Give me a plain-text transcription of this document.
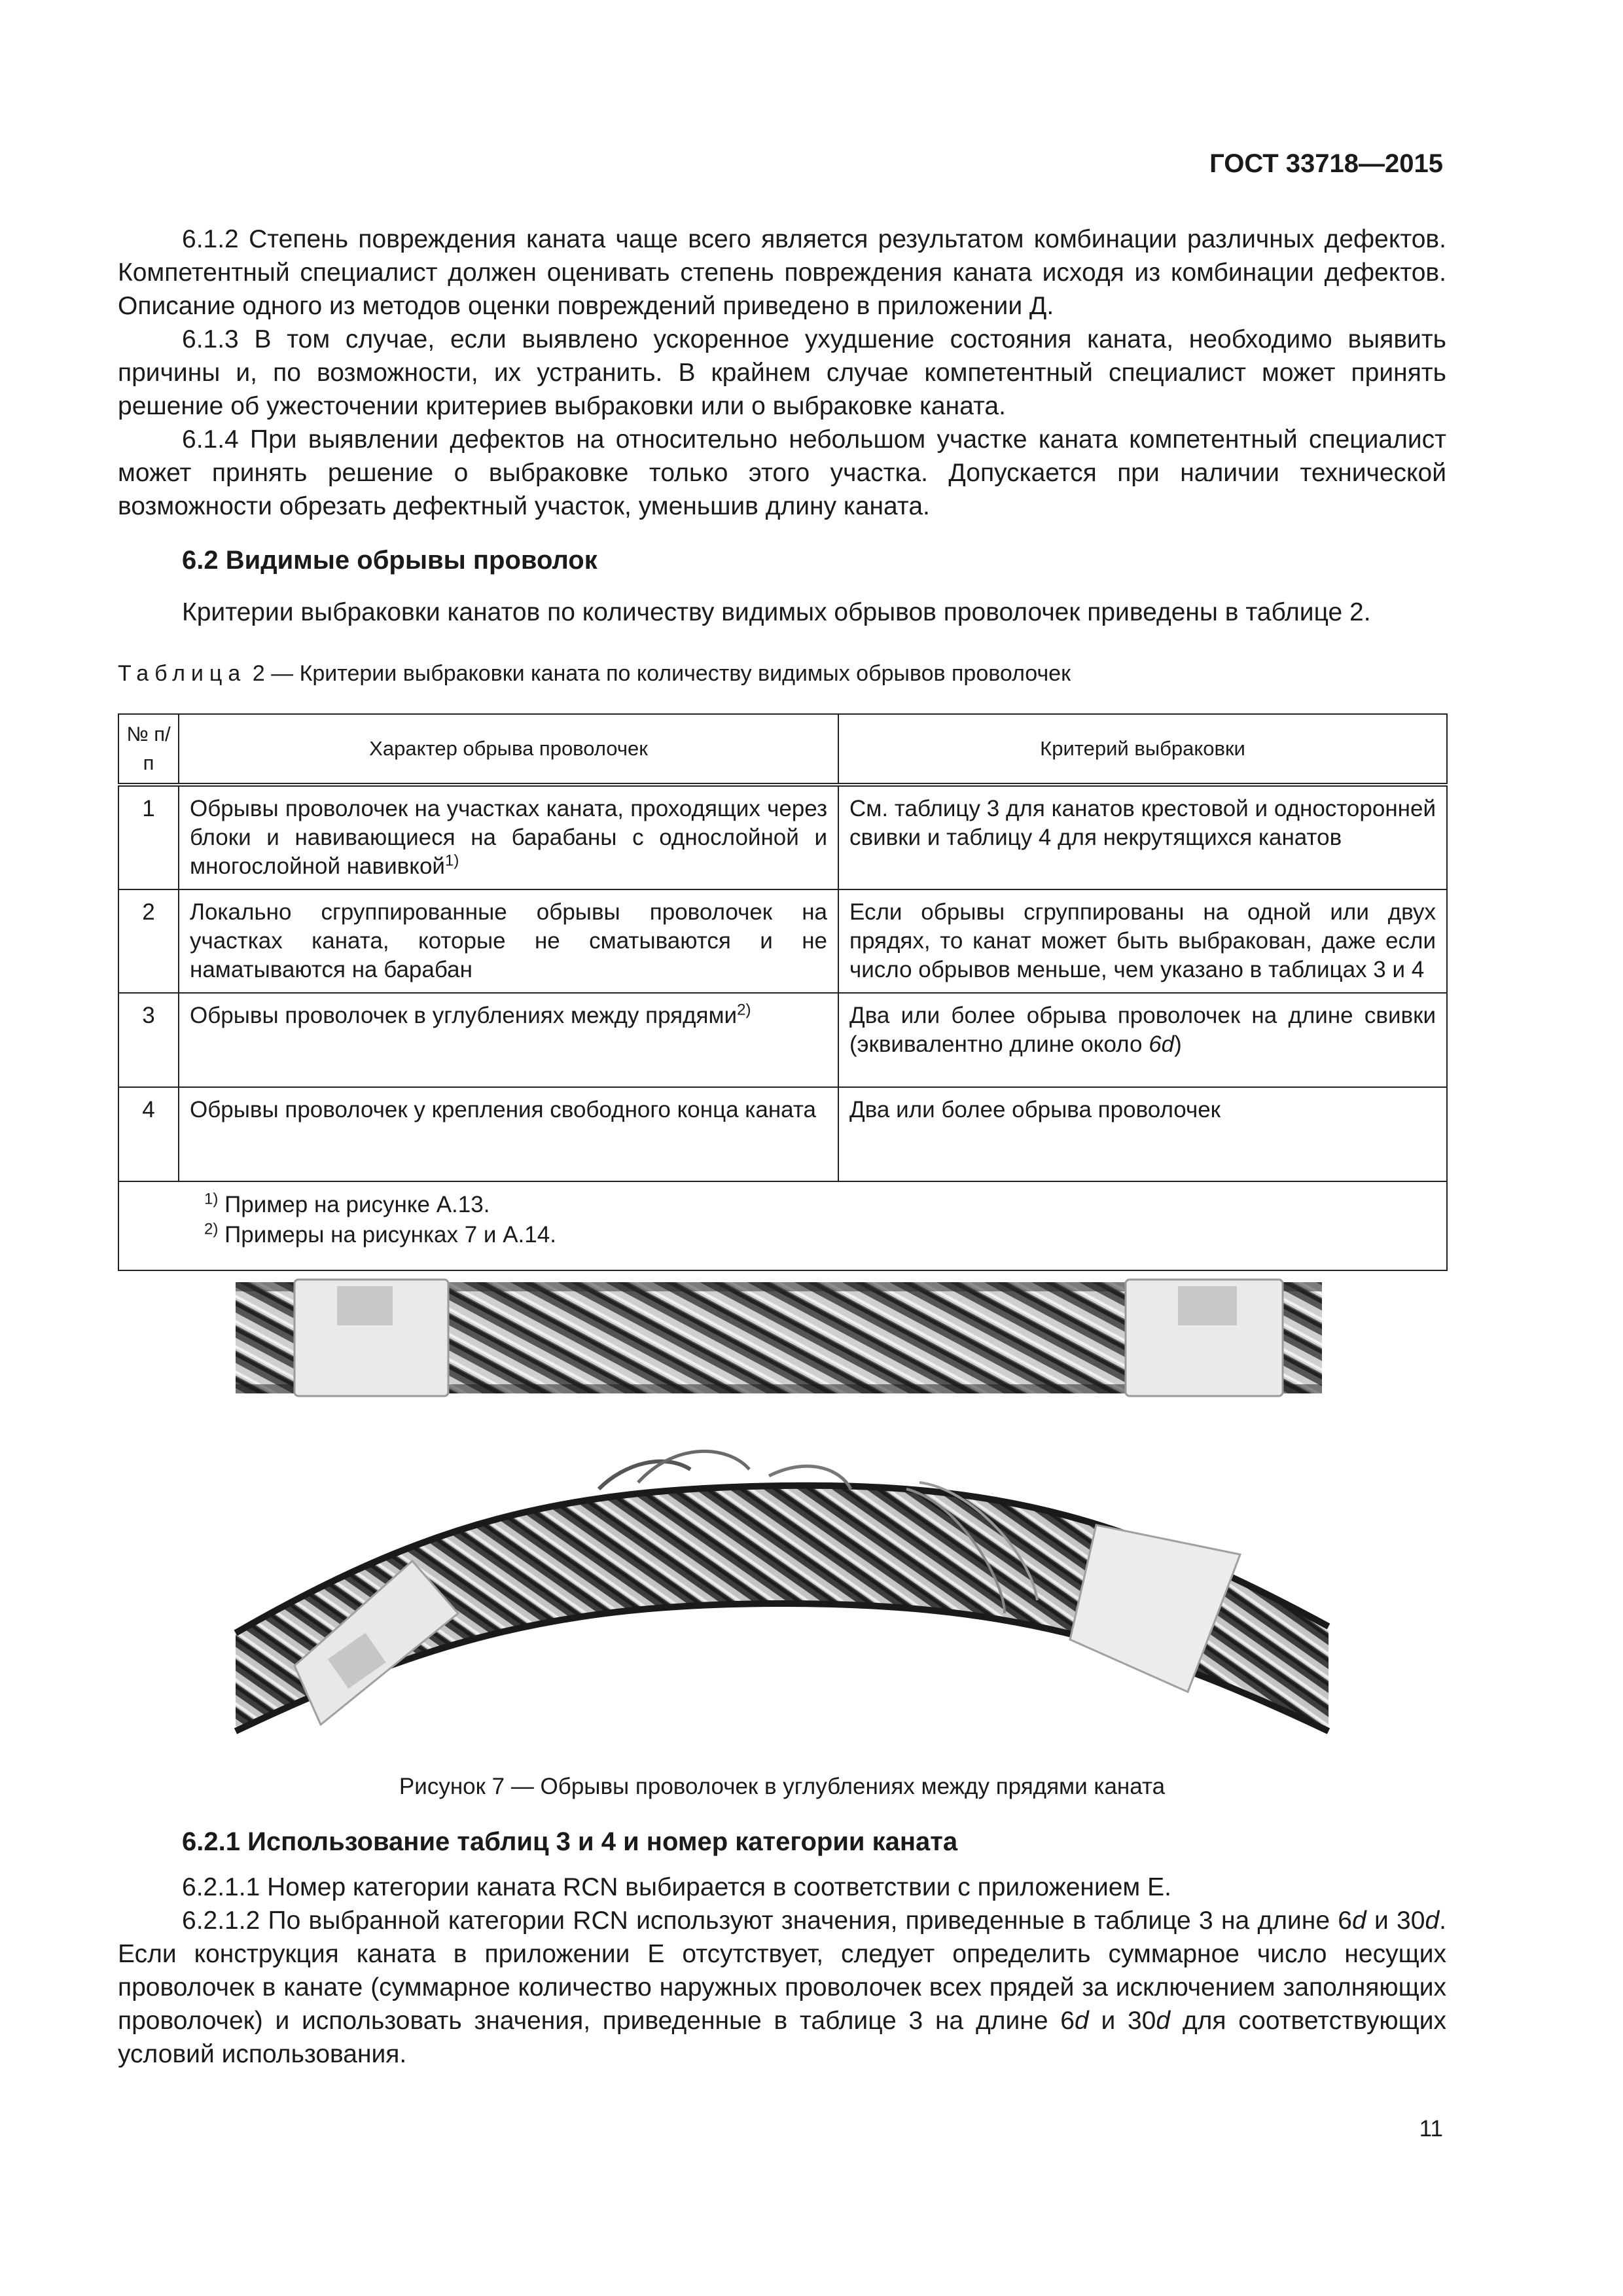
ГОСТ 33718—2015
6.1.2 Степень повреждения каната чаще всего является результатом комбинации различных дефектов. Компетентный специалист должен оценивать степень повреждения каната исходя из комбинации дефектов. Описание одного из методов оценки повреждений приведено в приложении Д.
6.1.3 В том случае, если выявлено ускоренное ухудшение состояния каната, необходимо выявить причины и, по возможности, их устранить. В крайнем случае компетентный специалист может принять решение об ужесточении критериев выбраковки или о выбраковке каната.
6.1.4 При выявлении дефектов на относительно небольшом участке каната компетентный специалист может принять решение о выбраковке только этого участка. Допускается при наличии технической возможности обрезать дефектный участок, уменьшив длину каната.
6.2 Видимые обрывы проволок
Критерии выбраковки канатов по количеству видимых обрывов проволочек приведены в таблице 2.
Таблица 2 — Критерии выбраковки каната по количеству видимых обрывов проволочек
№ п/п	Характер обрыва проволочек	Критерий выбраковки
1	Обрывы проволочек на участках каната, проходящих через блоки и навивающиеся на барабаны с однослойной и многослойной навивкой$^{1)}$	См. таблицу 3 для канатов крестовой и односторонней свивки и таблицу 4 для некрутящихся канатов
2	Локально сгруппированные обрывы проволочек на участках каната, которые не сматываются и не наматываются на барабан	Если обрывы сгруппированы на одной или двух прядях, то канат может быть выбракован, даже если число обрывов меньше, чем указано в таблицах 3 и 4
3	Обрывы проволочек в углублениях между прядями$^{2)}$	Два или более обрыва проволочек на длине свивки (эквивалентно длине около 6d)
4	Обрывы проволочек у крепления свободного конца каната	Два или более обрыва проволочек

$^{1)}$ Пример на рисунке А.13.
$^{2)}$ Примеры на рисунках 7 и А.14.		
Рисунок 7 — Обрывы проволочек в углублениях между прядями каната
6.2.1 Использование таблиц 3 и 4 и номер категории каната
6.2.1.1 Номер категории каната RCN выбирается в соответствии с приложением Е.
6.2.1.2 По выбранной категории RCN используют значения, приведенные в таблице 3 на длине 6d и 30d. Если конструкция каната в приложении Е отсутствует, следует определить суммарное число несущих проволочек в канате (суммарное количество наружных проволочек всех прядей за исключением заполняющих проволочек) и использовать значения, приведенные в таблице 3 на длине 6d и 30d для соответствующих условий использования.
11
